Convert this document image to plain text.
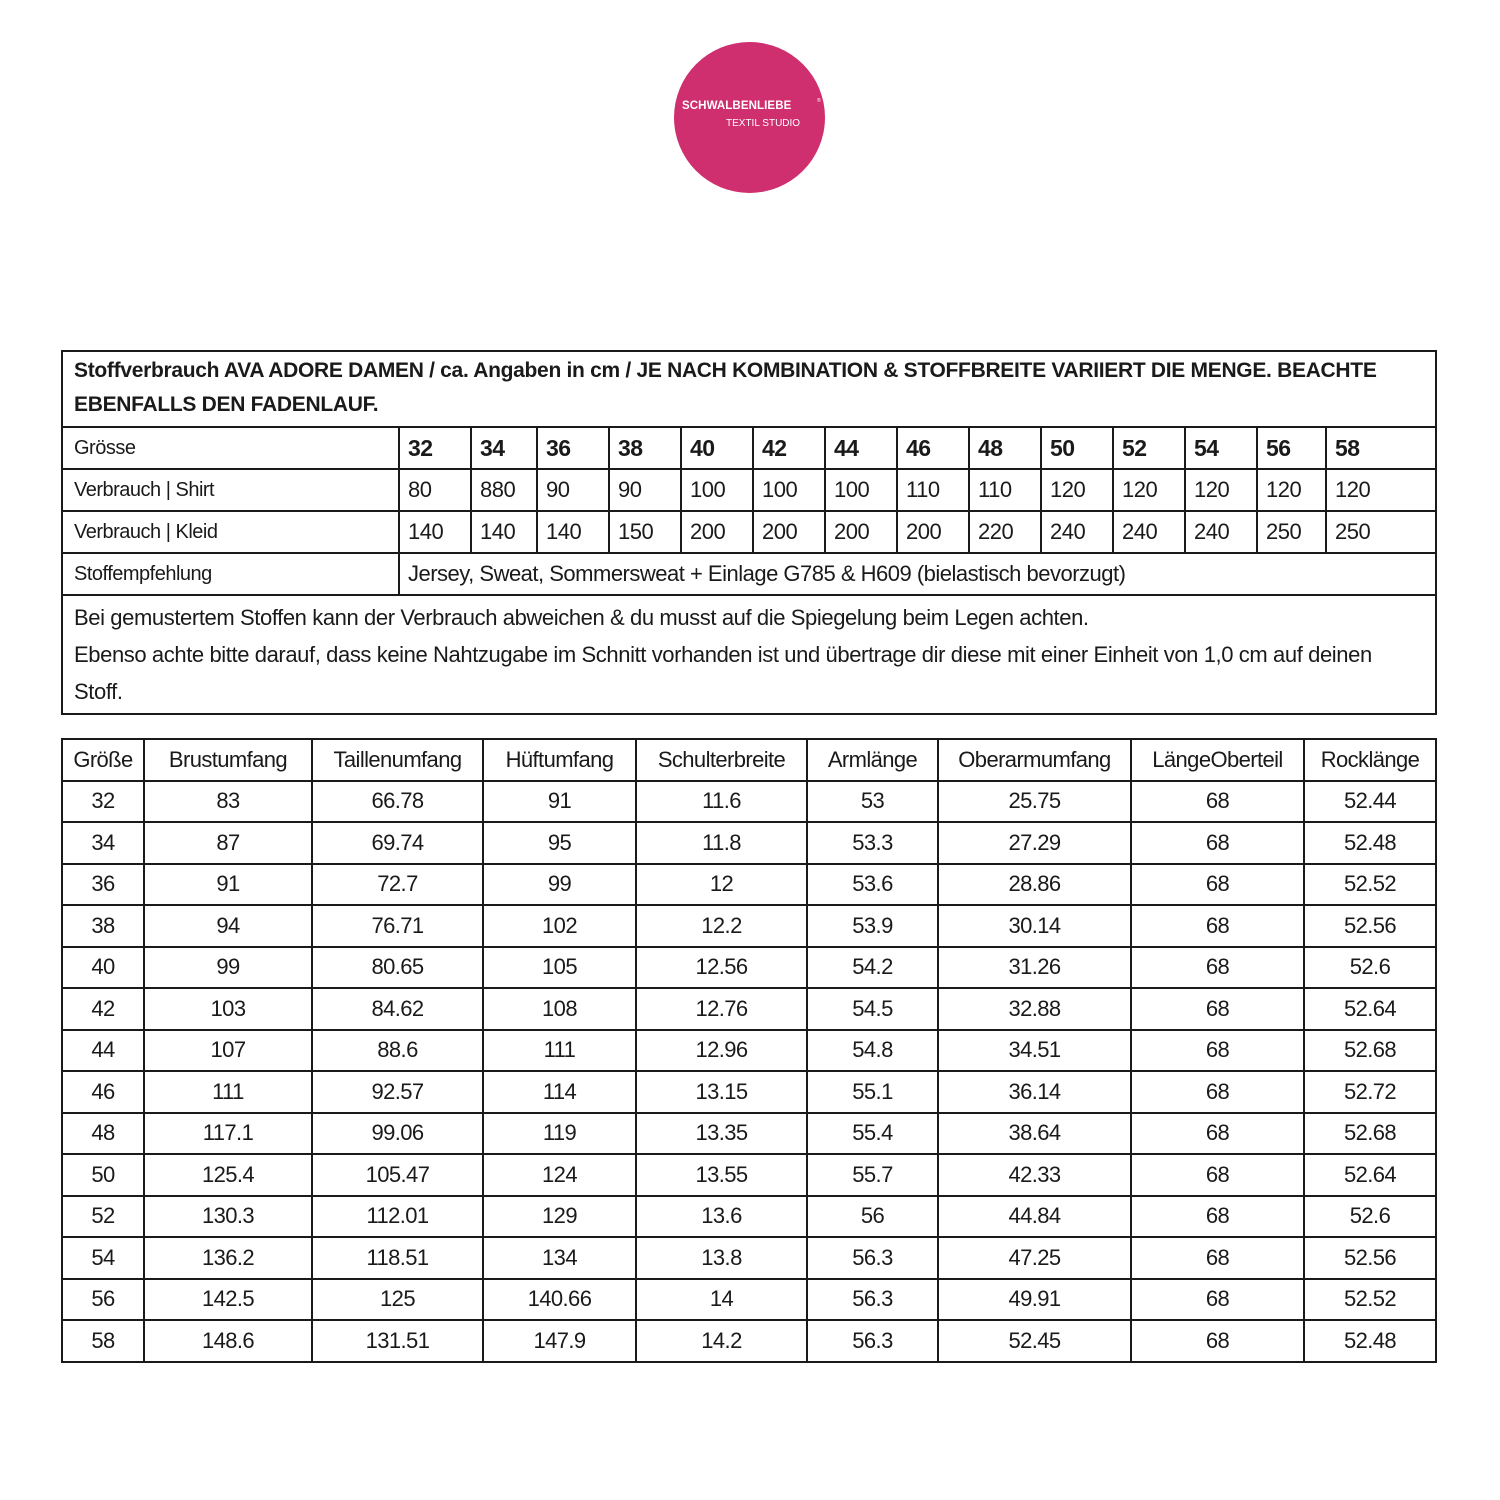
SCHWALBENLIEBE	®
TEXTIL STUDIO
Stoffverbrauch AVA ADORE DAMEN / ca. Angaben in cm / JE NACH KOMBINATION & STOFFBREITE VARIIERT DIE MENGE. BEACHTE EBENFALLS DEN FADENLAUF.														
Grösse	32	34	36	38	40	42	44	46	48	50	52	54	56	58
Verbrauch | Shirt	80	880	90	90	100	100	100	110	110	120	120	120	120	120
Verbrauch | Kleid	140	140	140	150	200	200	200	200	220	240	240	240	250	250
Stoffempfehlung	Jersey, Sweat, Sommersweat + Einlage G785 & H609 (bielastisch bevorzugt)													

Bei gemustertem Stoffen kann der Verbrauch abweichen & du musst auf die Spiegelung beim Legen achten.
Ebenso achte bitte darauf, dass keine Nahtzugabe im Schnitt vorhanden ist und übertrage dir diese mit einer Einheit von 1,0 cm auf deinen Stoff.														
Größe	Brustumfang	Taillenumfang	Hüftumfang	Schulterbreite	Armlänge	Oberarmumfang	LängeOberteil	Rocklänge
32	83	66.78	91	11.6	53	25.75	68	52.44
34	87	69.74	95	11.8	53.3	27.29	68	52.48
36	91	72.7	99	12	53.6	28.86	68	52.52
38	94	76.71	102	12.2	53.9	30.14	68	52.56
40	99	80.65	105	12.56	54.2	31.26	68	52.6
42	103	84.62	108	12.76	54.5	32.88	68	52.64
44	107	88.6	111	12.96	54.8	34.51	68	52.68
46	111	92.57	114	13.15	55.1	36.14	68	52.72
48	117.1	99.06	119	13.35	55.4	38.64	68	52.68
50	125.4	105.47	124	13.55	55.7	42.33	68	52.64
52	130.3	112.01	129	13.6	56	44.84	68	52.6
54	136.2	118.51	134	13.8	56.3	47.25	68	52.56
56	142.5	125	140.66	14	56.3	49.91	68	52.52
58	148.6	131.51	147.9	14.2	56.3	52.45	68	52.48
